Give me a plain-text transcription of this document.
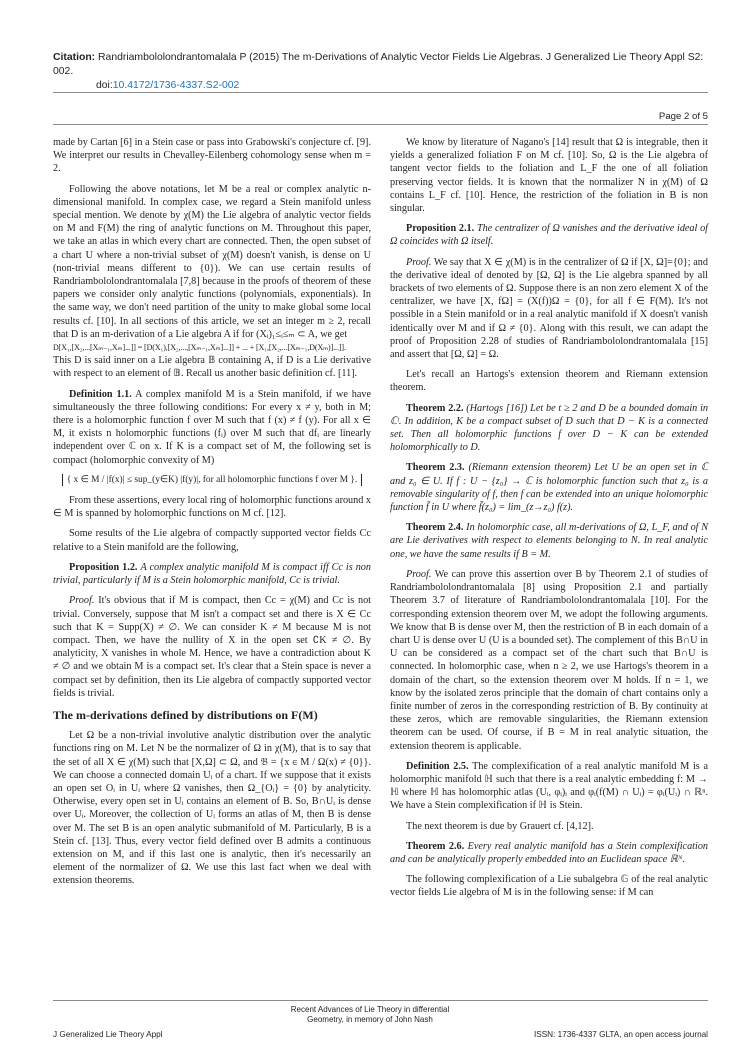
Citation: Randriambololondrantomalala P (2015) The m-Derivations of Analytic Vector Fields Lie Algebras. J Generalized Lie Theory Appl S2: 002.
doi:10.4172/1736-4337.S2-002
Page 2 of 5

made by Cartan [6] in a Stein case or pass into Grabowski's conjecture cf. [9]. We interpret our results in Chevalley-Eilenberg cohomology sense when m = 2.

Following the above notations, let M be a real or complex analytic n-dimensional manifold. In complex case, we regard a Stein manifold unless special mention. We denote by χ(M) the Lie algebra of analytic vector fields on M and F(M) the ring of analytic functions on M. Throughout this paper, we take an atlas in which every chart are connected. Then, the open subset of a chart U where a non-trivial subset of χ(M) doesn't vanish, is dense on U (non-trivial means different to {0}). We can use certain results of Randriambololondrantomalala [7,8] because in the proofs of theorem of these papers we consider only analytic functions (polynomials, exponentials). In the same way, we don't need partition of the unity to make global some local results cf. [10]. In all sections of this article, we set an integer m ≥ 2, recall that D is an m-derivation of a Lie algebra A if for (Xᵢ)₁≤ᵢ≤ₘ ⊂ A, we get

D[X₁,[X₂,...[Xₘ₋₁,Xₘ]...]] = [D(X₁),[X₂,...,[Xₘ₋₁,Xₘ]...]] + ... + [X₁,[X₂,...[Xₘ₋₁,D(Xₘ)]...]].

This D is said inner on a Lie algebra 𝔹 containing A, if D is a Lie derivative with respect to an element of 𝔹. Recall us another basic definition cf. [11].

Definition 1.1. A complex manifold M is a Stein manifold, if we have simultaneously the three following conditions: For every x ≠ y, both in M; there is a holomorphic function f over M such that f (x) ≠ f (y). For all x ∈ M, it exists n holomorphic functions (fᵢ) over M such that dfᵢ are linearly independent over ℂ on x. If K is a compact set of M, the following set is compact (holomorphic convexity of M)

{ x ∈ M / |f(x)| ≤ sup_(y∈K) |f(y)|, for all holomorphic functions f over M }.

From these assertions, every local ring of holomorphic functions around x ∈ M is spanned by holomorphic functions on M cf. [12].

Some results of the Lie algebra of compactly supported vector fields Cc relative to a Stein manifold are the following,

Proposition 1.2. A complex analytic manifold M is compact iff Cc is non trivial, particularly if M is a Stein holomorphic manifold, Cc is trivial.

Proof. It's obvious that if M is compact, then Cc = χ(M) and Cc is not trivial. Conversely, suppose that M isn't a compact set and there is X ∈ Cc such that K = Supp(X) ≠ ∅. We can consider K ≠ M because M is not compact. Then, we have the nullity of X in the open set ∁K ≠ ∅. By analyticity, X vanishes in whole M. Hence, we have a contradiction about K ≠ ∅ and we obtain M is a compact set. It's clear that a Stein space is never a compact set by definition, then its Lie algebra of compactly supported vector fields is trivial.

The m-derivations defined by distributions on F(M)

Let Ω be a non-trivial involutive analytic distribution over the analytic functions ring on M. Let N be the normalizer of Ω in χ(M), that is to say that the set of all X ∈ χ(M) such that [X,Ω] ⊂ Ω, and 𝔅 = {x ∈ M / Ω(x) ≠ {0}}. We can choose a connected domain Uᵢ of a chart. If we suppose that it exists an open set Oᵢ in Uᵢ where Ω vanishes, then Ω_{Oᵢ} = {0} by analyticity. Otherwise, every open set in Uᵢ contains an element of B. So, B∩Uᵢ is dense over Uᵢ. Moreover, the collection of Uᵢ forms an atlas of M, then B is dense over M. The set B is an open analytic submanifold of M. Particularly, B is a Stein cf. [13]. Thus, every vector field defined over B admits a continuous extension on M, and if this last one is analytic, then it's necessarily an element of the normalizer of Ω. We use this last fact when we deal with extension theorems.

We know by literature of Nagano's [14] result that Ω is integrable, then it yields a generalized foliation F on M cf. [10]. So, Ω is the Lie algebra of tangent vector fields to the foliation and L_F the one of all foliation preserving vector fields. It is known that the normalizer N in χ(M) of Ω contains L_F cf. [10]. Hence, the restriction of the foliation in B is non singular.

Proposition 2.1. The centralizer of Ω vanishes and the derivative ideal of Ω coincides with Ω itself.

Proof. We say that X ∈ χ(M) is in the centralizer of Ω if [X, Ω]={0}; and the derivative ideal of denoted by [Ω, Ω] is the Lie algebra spanned by all brackets of two elements of Ω. Suppose there is an non zero element X of the centralizer, we have [X, fΩ] = (X(f))Ω = {0}, for all f ∈ F(M). It's not possible in a Stein manifold or in a real analytic manifold if X doesn't vanish identically over M and if Ω ≠ {0}. Along with this result, we can adapt the proof of Proposition 2.28 of studies of Randriambololondrantomalala [15] and assert that [Ω, Ω] = Ω.

Let's recall an Hartogs's extension theorem and Riemann extension theorem.

Theorem 2.2. (Hartogs [16]) Let be t ≥ 2 and D be a bounded domain in ℂᵗ. In addition, K be a compact subset of D such that D − K is a connected set. Then all holomorphic functions f over D − K can be extended holomorphically to D.

Theorem 2.3. (Riemann extension theorem) Let U be an open set in ℂ and z₀ ∈ U. If f : U − {z₀} → ℂ is holomorphic function such that z₀ is a removable singularity of f, then f can be extended into an unique holomorphic function f̄ in U where f̄(z₀) = lim_(z→z₀) f(z).

Theorem 2.4. In holomorphic case, all m-derivations of Ω, L_F, and of N are Lie derivatives with respect to elements belonging to N. In real analytic one, we have the same results if B = M.

Proof. We can prove this assertion over B by Theorem 2.1 of studies of Randriambololondrantomalala [8] using Proposition 2.1 and partially Theorem 3.7 of literature of Randriambololondrantomalala [10]. For the corresponding extension theorem over M, we adopt the following arguments. We know that B is dense over M, then the restriction of B in each domain of a chart U is dense over U (U is a bounded set). The complement of this B∩U in U can be considered as a compact set of the chart such that B∩U is connected. In holomorphic case, when n ≥ 2, we use Hartogs's theorem in a domain of the chart, so the extension theorem over M holds. If n = 1, we know by the isolated zeros principle that the domain of chart contains only a finite number of zeros in the corresponding restriction of B. By continuity at these zeros, which are removable singularities, the Riemann extension theorem can be used. Of course, if B = M in real analytic situation, the extension theorem is applicable.

Definition 2.5. The complexification of a real analytic manifold M is a holomorphic manifold ℍ such that there is a real analytic embedding f: M → ℍ where ℍ has holomorphic atlas (Uᵢ, φᵢ)ᵢ and φᵢ(f(M) ∩ Uᵢ) = φᵢ(Uᵢ) ∩ ℝⁿ. We have a Stein complexification if ℍ is Stein.

The next theorem is due by Grauert cf. [4,12].

Theorem 2.6. Every real analytic manifold has a Stein complexification and can be analytically properly embedded into an Euclidean space ℝᴺ.

The following complexification of a Lie subalgebra 𝔾 of the real analytic vector fields Lie algebra of M is in the following sense: if M can

J Generalized Lie Theory Appl
Recent Advances of Lie Theory in differential Geometry, in memory of John Nash
ISSN: 1736-4337 GLTA, an open access journal
